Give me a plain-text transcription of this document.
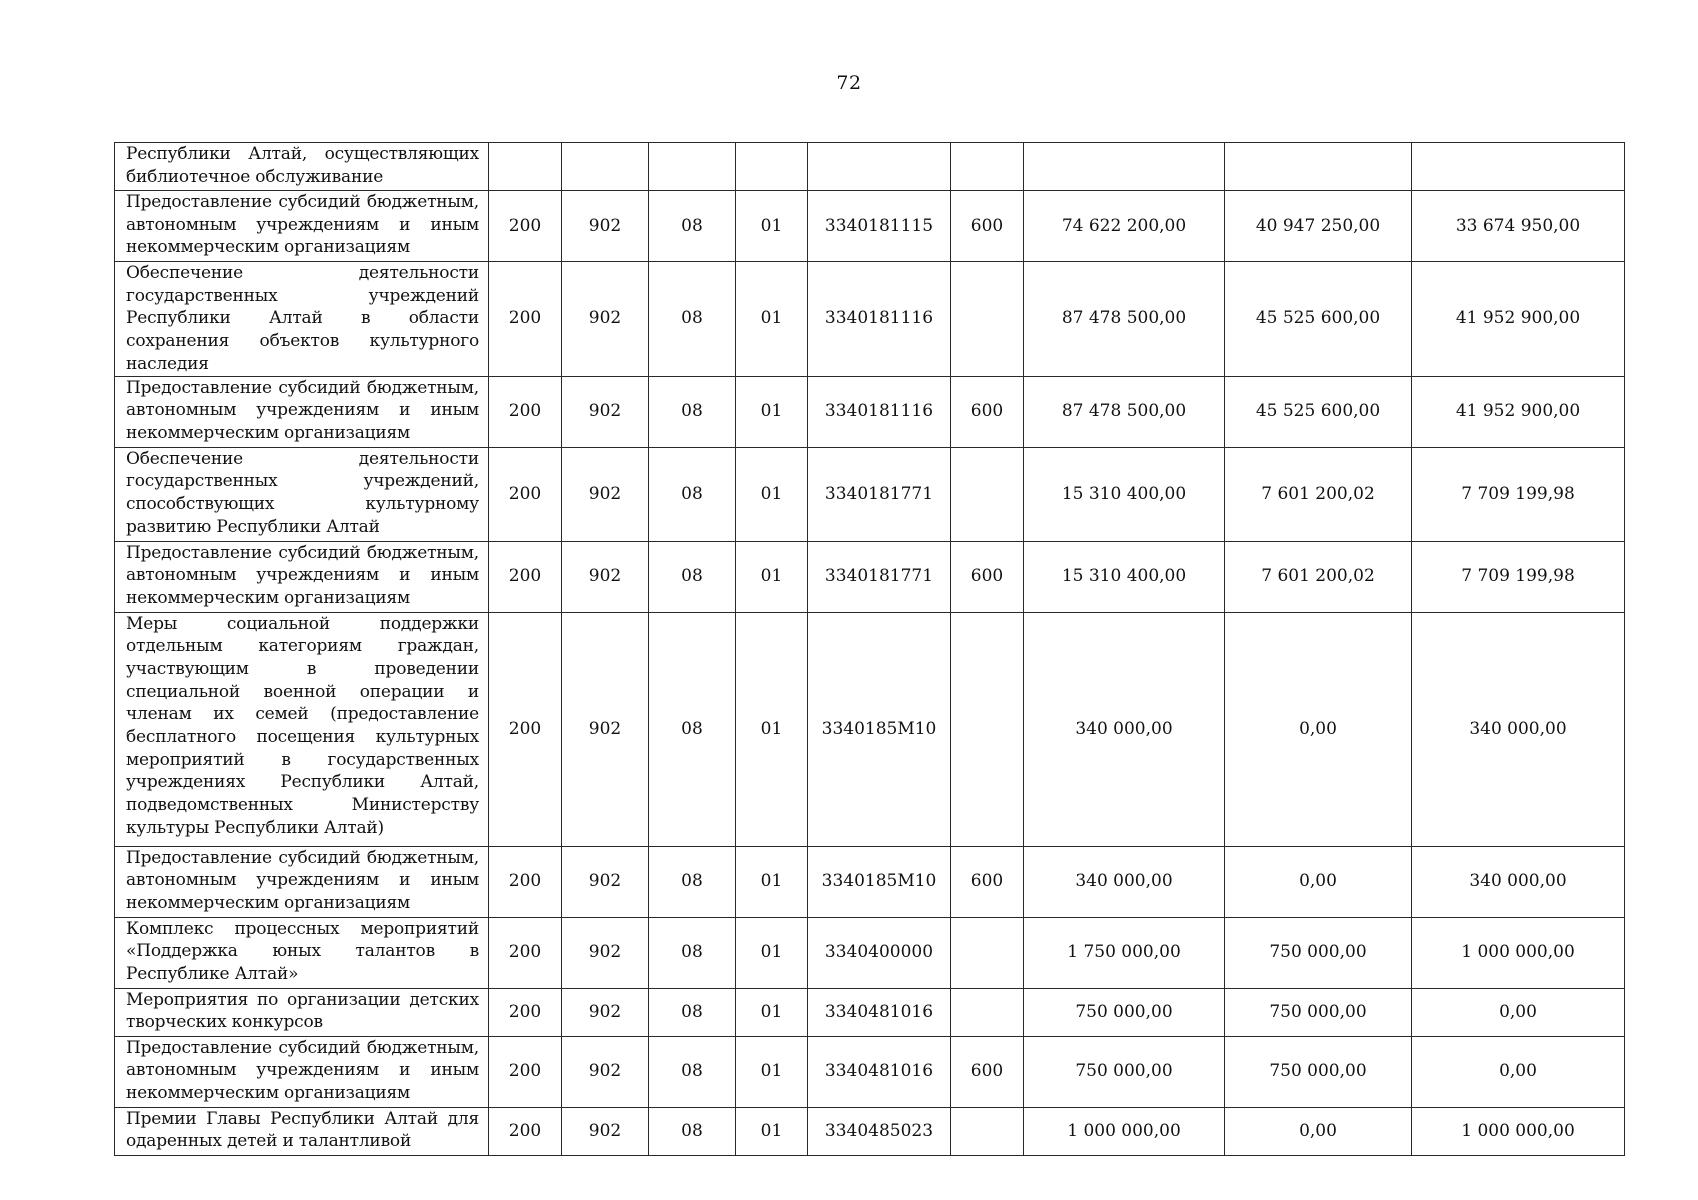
72
Республики Алтай, осуществляющих библиотечное обслуживание									
Предоставление субсидий бюджетным, автономным учреждениям и иным некоммерческим организациям	200	902	08	01	3340181115	600	74 622 200,00	40 947 250,00	33 674 950,00
Обеспечение деятельности государственных учреждений Республики Алтай в области сохранения объектов культурного наследия	200	902	08	01	3340181116		87 478 500,00	45 525 600,00	41 952 900,00
Предоставление субсидий бюджетным, автономным учреждениям и иным некоммерческим организациям	200	902	08	01	3340181116	600	87 478 500,00	45 525 600,00	41 952 900,00
Обеспечение деятельности государственных учреждений, способствующих культурному развитию Республики Алтай	200	902	08	01	3340181771		15 310 400,00	7 601 200,02	7 709 199,98
Предоставление субсидий бюджетным, автономным учреждениям и иным некоммерческим организациям	200	902	08	01	3340181771	600	15 310 400,00	7 601 200,02	7 709 199,98
Меры социальной поддержки отдельным категориям граждан, участвующим в проведении специальной военной операции и членам их семей (предоставление бесплатного посещения культурных мероприятий в государственных учреждениях Республики Алтай, подведомственных Министерству культуры Республики Алтай)	200	902	08	01	3340185М10		340 000,00	0,00	340 000,00
Предоставление субсидий бюджетным, автономным учреждениям и иным некоммерческим организациям	200	902	08	01	3340185М10	600	340 000,00	0,00	340 000,00
Комплекс процессных мероприятий «Поддержка юных талантов в Республике Алтай»	200	902	08	01	3340400000		1 750 000,00	750 000,00	1 000 000,00
Мероприятия по организации детских творческих конкурсов	200	902	08	01	3340481016		750 000,00	750 000,00	0,00
Предоставление субсидий бюджетным, автономным учреждениям и иным некоммерческим организациям	200	902	08	01	3340481016	600	750 000,00	750 000,00	0,00
Премии Главы Республики Алтай для одаренных детей и талантливой	200	902	08	01	3340485023		1 000 000,00	0,00	1 000 000,00
